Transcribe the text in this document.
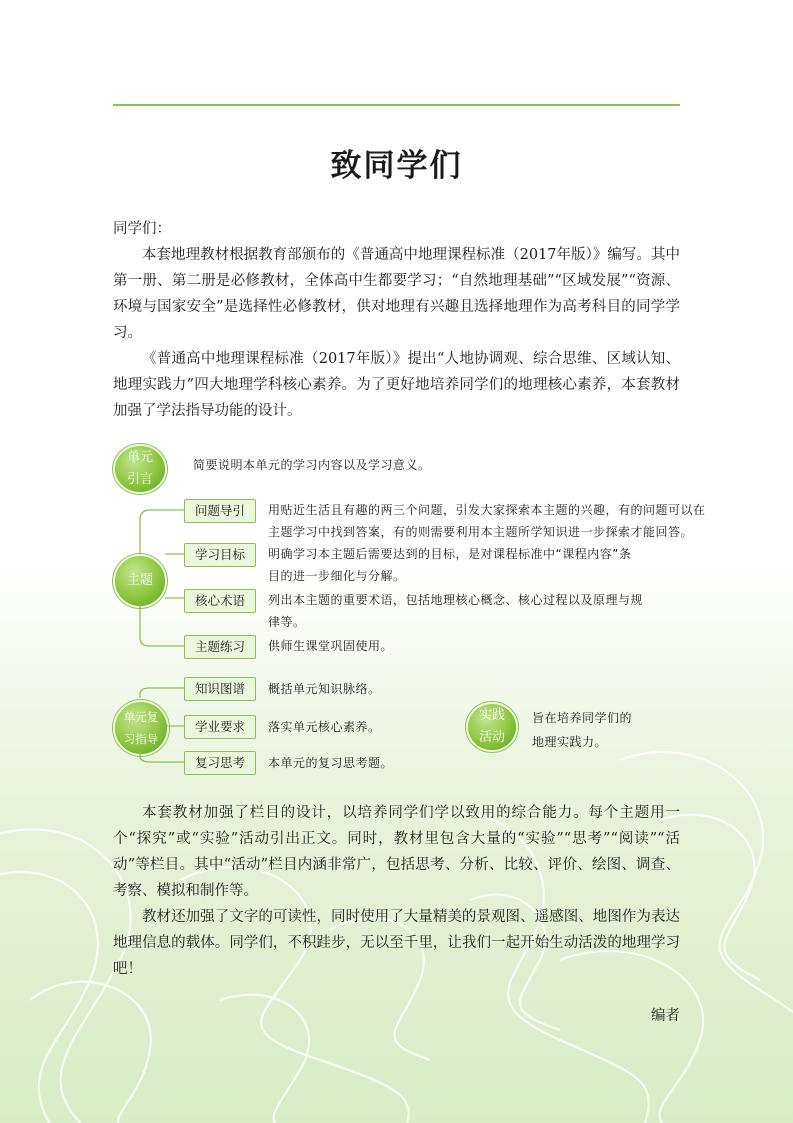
致同学们

同学们：

本套地理教材根据教育部颁布的《普通高中地理课程标准（2017年版）》编写。其中第一册、第二册是必修教材，全体高中生都要学习；“自然地理基础”“区域发展”“资源、环境与国家安全”是选择性必修教材，供对地理有兴趣且选择地理作为高考科目的同学学习。

《普通高中地理课程标准（2017年版）》提出“人地协调观、综合思维、区域认知、地理实践力”四大地理学科核心素养。为了更好地培养同学们的地理核心素养，本套教材加强了学法指导功能的设计。

单元
引言
简要说明本单元的学习内容以及学习意义。
主题
问题导引	用贴近生活且有趣的两三个问题，引发大家探索本主题的兴趣，有的问题可以在
主题学习中找到答案，有的则需要利用本主题所学知识进一步探索才能回答。
学习目标	明确学习本主题后需要达到的目标，是对课程标准中“课程内容”条
目的进一步细化与分解。
核心术语	列出本主题的重要术语，包括地理核心概念、核心过程以及原理与规
律等。
主题练习	供师生课堂巩固使用。
单元复
习指导
知识图谱	概括单元知识脉络。
学业要求	落实单元核心素养。
复习思考	本单元的复习思考题。
实践
活动
旨在培养同学们的
地理实践力。

本套教材加强了栏目的设计，以培养同学们学以致用的综合能力。每个主题用一个“探究”或“实验”活动引出正文。同时，教材里包含大量的“实验”“思考”“阅读”“活动”等栏目。其中“活动”栏目内涵非常广，包括思考、分析、比较、评价、绘图、调查、考察、模拟和制作等。

教材还加强了文字的可读性，同时使用了大量精美的景观图、遥感图、地图作为表达地理信息的载体。同学们，不积跬步，无以至千里，让我们一起开始生动活泼的地理学习吧！

编者
